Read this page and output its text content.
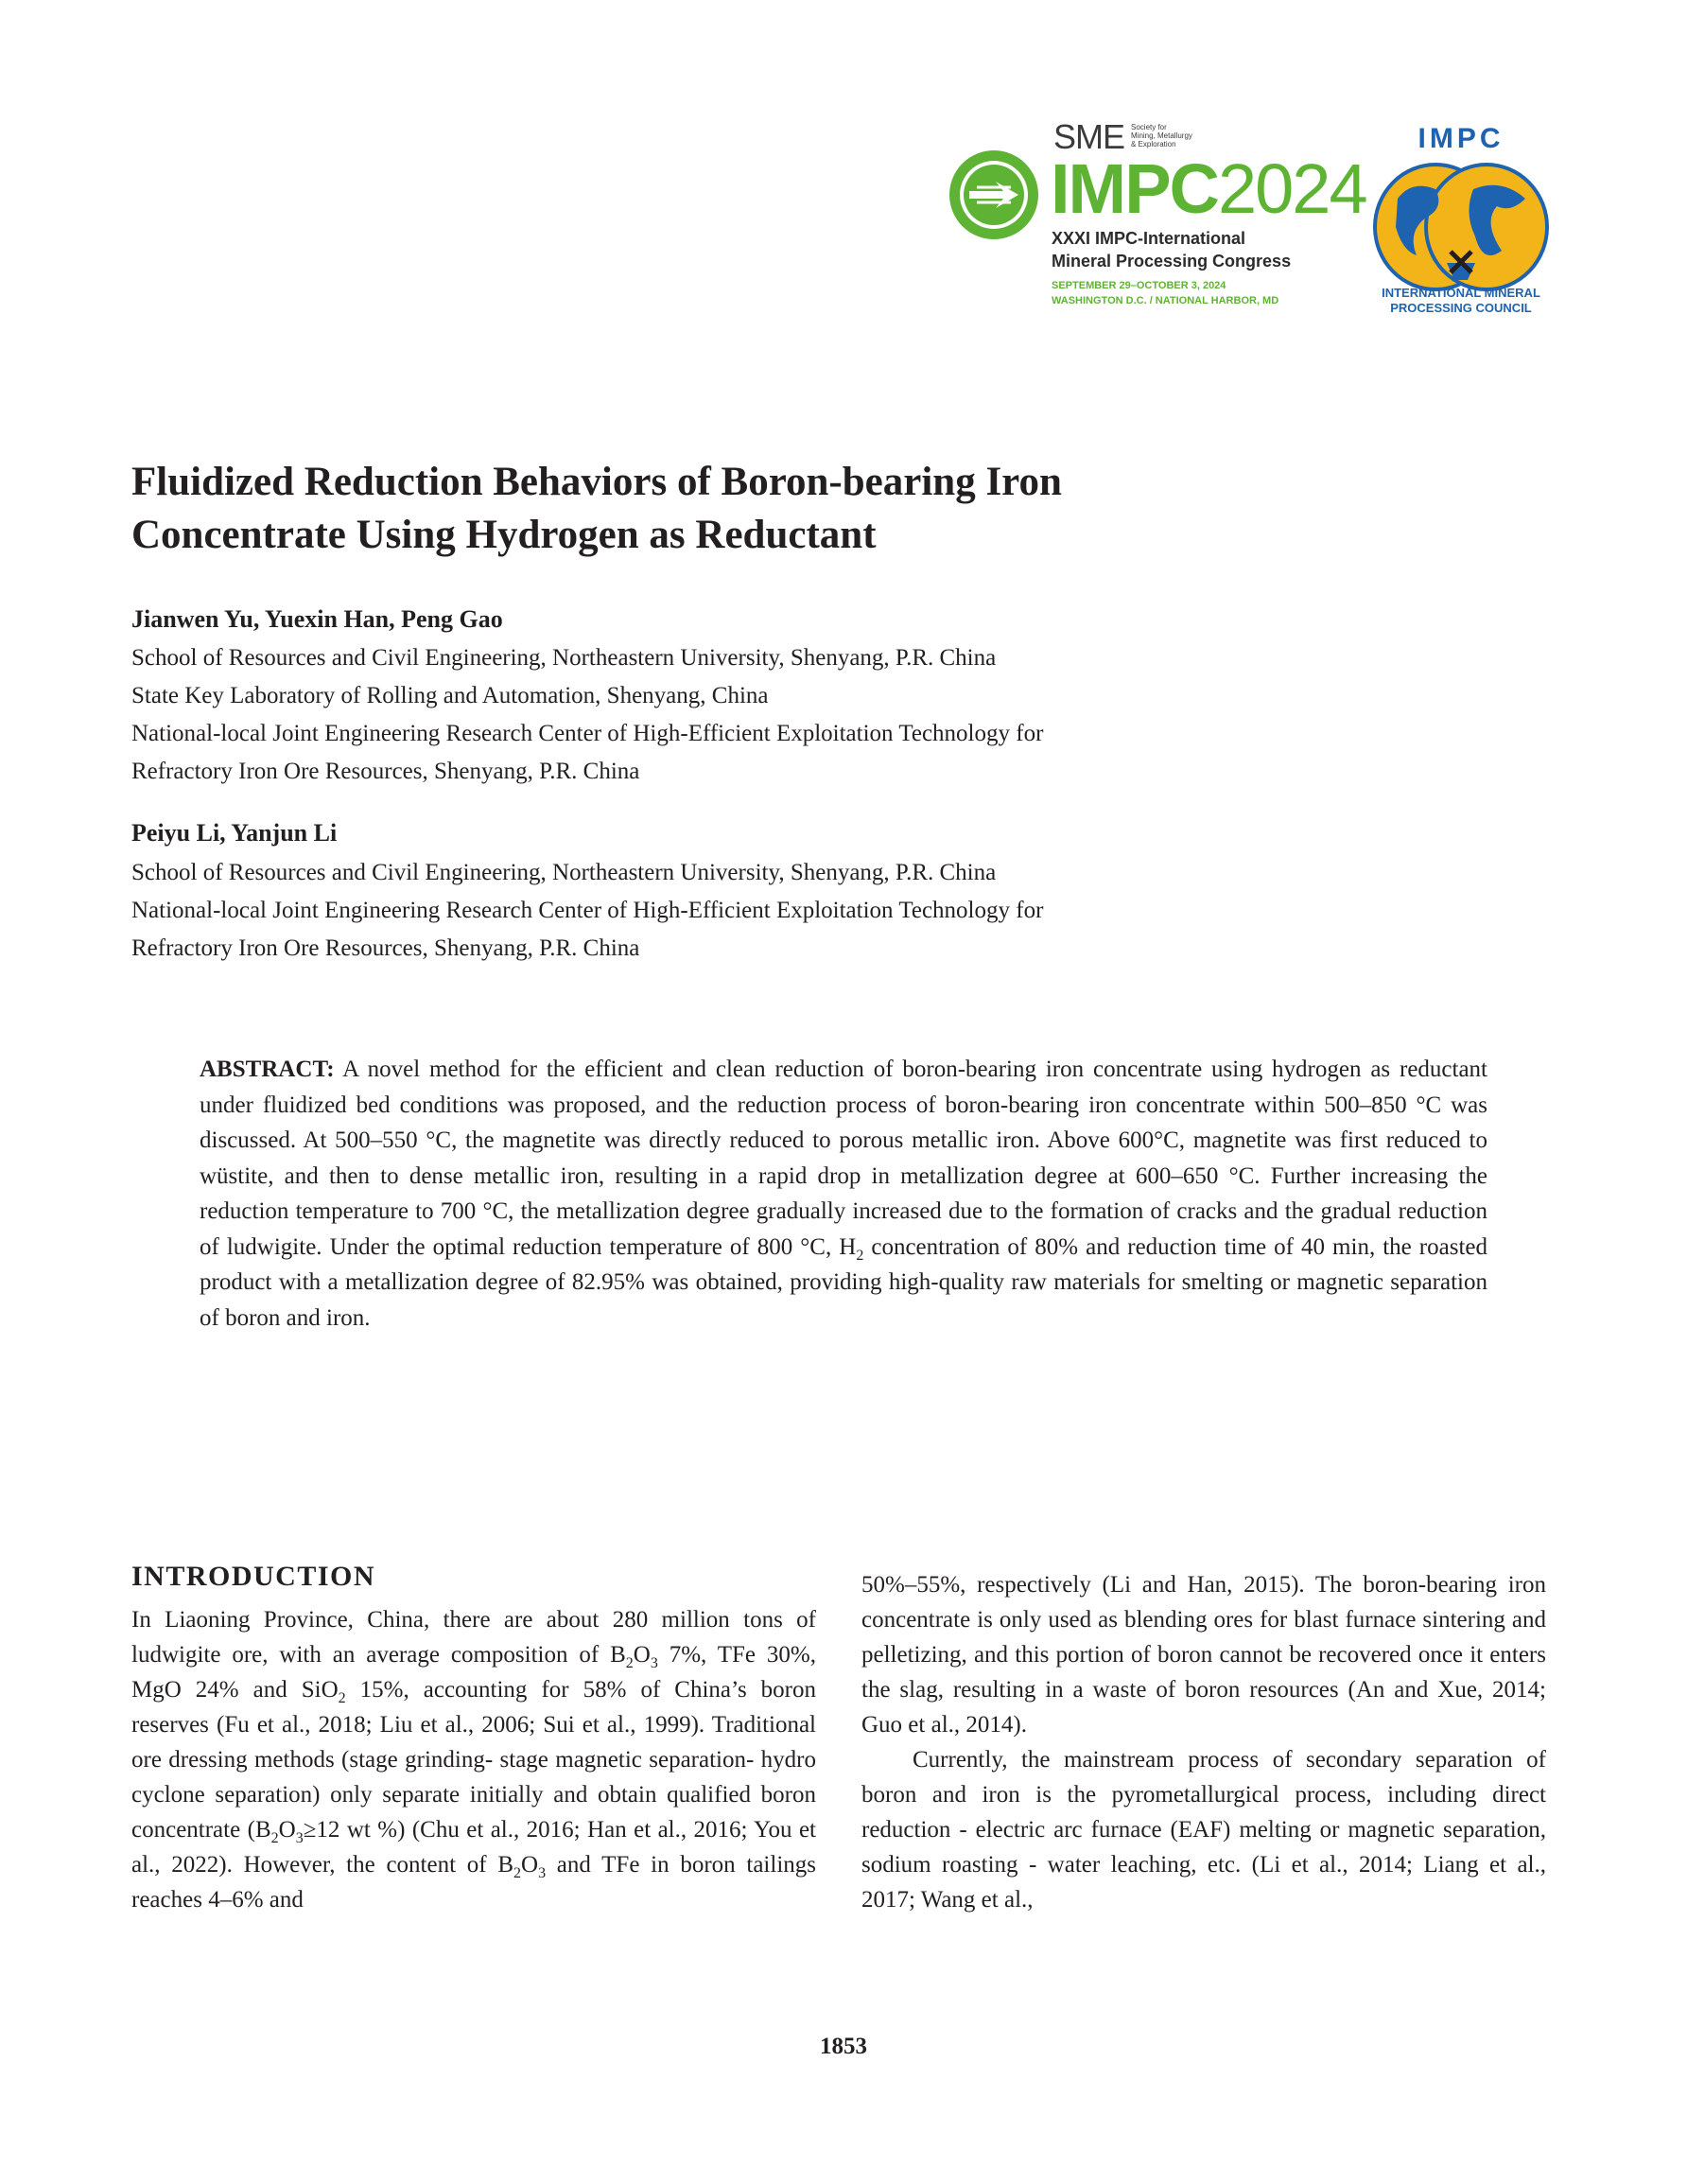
SME Society for
Mining, Metallurgy
& Exploration
IMPC2024
XXXI IMPC-International
Mineral Processing Congress
SEPTEMBER 29–OCTOBER 3, 2024
WASHINGTON D.C. / NATIONAL HARBOR, MD
IMPC
INTERNATIONAL MINERAL
PROCESSING COUNCIL
Fluidized Reduction Behaviors of Boron-bearing Iron
Concentrate Using Hydrogen as Reductant
Jianwen Yu, Yuexin Han, Peng Gao
School of Resources and Civil Engineering, Northeastern University, Shenyang, P.R. China
State Key Laboratory of Rolling and Automation, Shenyang, China
National-local Joint Engineering Research Center of High-Efficient Exploitation Technology for
Refractory Iron Ore Resources, Shenyang, P.R. China
Peiyu Li, Yanjun Li
School of Resources and Civil Engineering, Northeastern University, Shenyang, P.R. China
National-local Joint Engineering Research Center of High-Efficient Exploitation Technology for
Refractory Iron Ore Resources, Shenyang, P.R. China
ABSTRACT: A novel method for the efficient and clean reduction of boron-bearing iron concentrate using hydrogen as reductant under fluidized bed conditions was proposed, and the reduction process of boron-bearing iron concentrate within 500–850 °C was discussed. At 500–550 °C, the magnetite was directly reduced to porous metallic iron. Above 600°C, magnetite was first reduced to wüstite, and then to dense metallic iron, resulting in a rapid drop in metallization degree at 600–650 °C. Further increasing the reduction temperature to 700 °C, the metallization degree gradually increased due to the formation of cracks and the gradual reduction of ludwigite. Under the optimal reduction temperature of 800 °C, $H_2$ concentration of 80% and reduction time of 40 min, the roasted product with a metallization degree of 82.95% was obtained, providing high-quality raw materials for smelting or magnetic separation of boron and iron.
INTRODUCTION

In Liaoning Province, China, there are about 280 million tons of ludwigite ore, with an average composition of $B_2O_3$ 7%, TFe 30%, MgO 24% and SiO$_2$ 15%, accounting for 58% of China’s boron reserves (Fu et al., 2018; Liu et al., 2006; Sui et al., 1999). Traditional ore dressing methods (stage grinding- stage magnetic separation- hydro cyclone separation) only separate initially and obtain qualified boron concentrate ($B_2O_3\ge 12$ wt %) (Chu et al., 2016; Han et al., 2016; You et al., 2022). However, the content of $B_2O_3$ and TFe in boron tailings reaches 4–6% and

50%–55%, respectively (Li and Han, 2015). The boron-bearing iron concentrate is only used as blending ores for blast furnace sintering and pelletizing, and this portion of boron cannot be recovered once it enters the slag, resulting in a waste of boron resources (An and Xue, 2014; Guo et al., 2014).

Currently, the mainstream process of secondary separation of boron and iron is the pyrometallurgical process, including direct reduction - electric arc furnace (EAF) melting or magnetic separation, sodium roasting - water leaching, etc. (Li et al., 2014; Liang et al., 2017; Wang et al.,

1853
